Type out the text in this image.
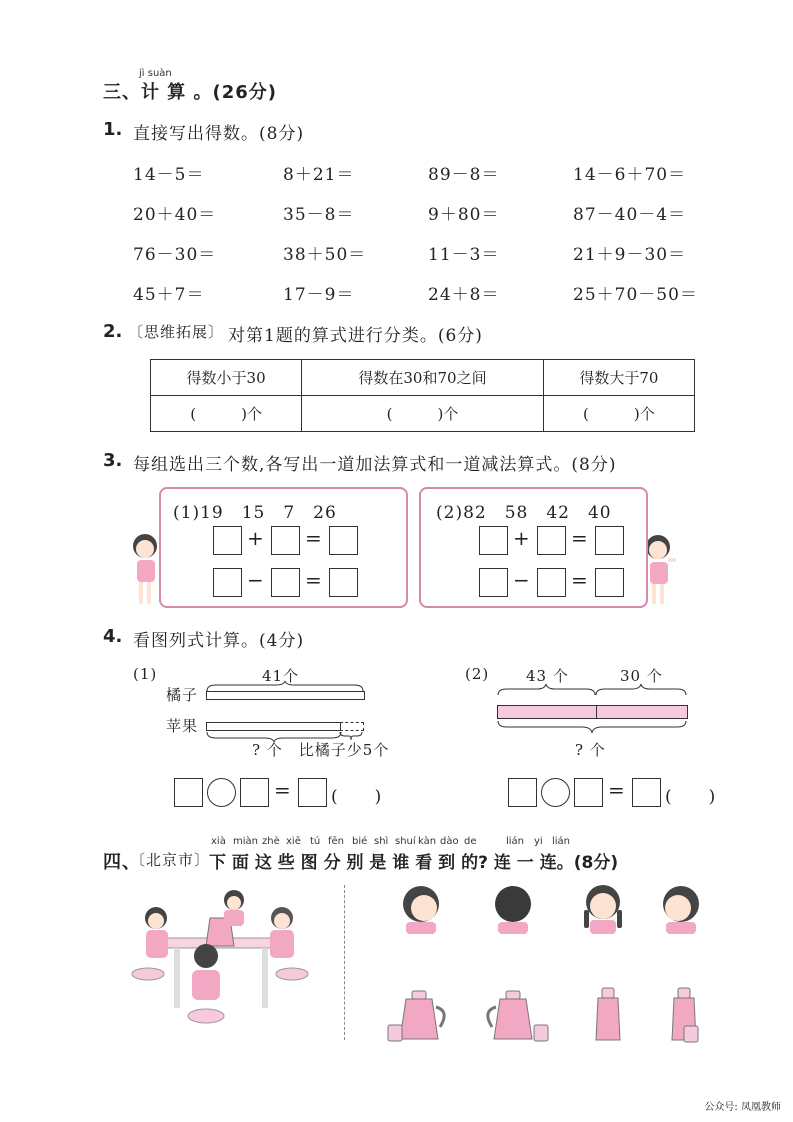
jì suàn
三、计 算 。(26分)
1. 直接写出得数。(8分)
14－5＝	8＋21＝	89－8＝	14－6＋70＝
20＋40＝	35－8＝	9＋80＝	87－40－4＝
76－30＝	38＋50＝	11－3＝	21＋9－30＝
45＋7＝	17－9＝	24＋8＝	25＋70－50＝
2. 〔思维拓展〕 对第1题的算式进行分类。(6分)
得数小于30	得数在30和70之间	得数大于70
(　　　)个	(　　　)个	(　　　)个
3. 每组选出三个数,各写出一道加法算式和一道减法算式。(8分)
(1)19　15　7　26
+ =
− =
(2)82　58　42　40
+ =
− =
4. 看图列式计算。(4分)
(1)	41个
橘子
苹果
? 个　比橘子少5个
= (　　)
(2) 43 个	30 个
? 个
= (　　)
xià miàn zhè xiē tú fēn bié shì shuí kàn dào de	lián yi lián
四、
〔北京市〕
下 面 这 些 图 分 别 是 谁 看 到 的? 连 一 连。(8分)
公众号: 凤凰教师
